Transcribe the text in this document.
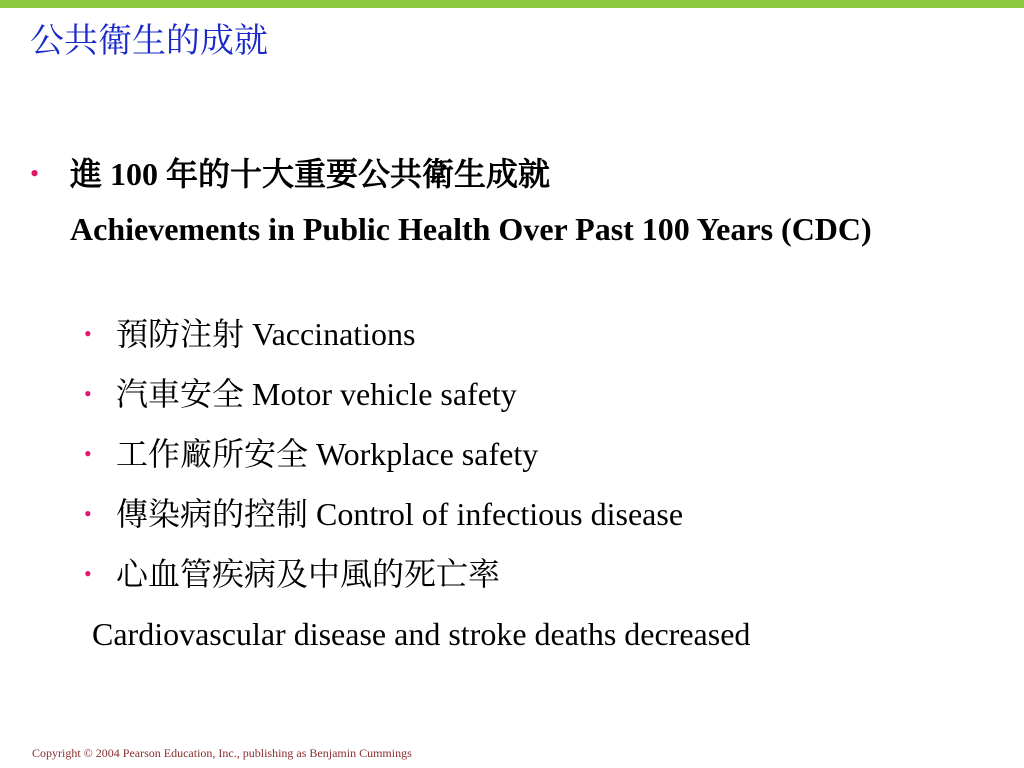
公共衛生的成就
• 進 100 年的十大重要公共衛生成就
Achievements in Public Health Over Past 100 Years (CDC)
• 預防注射 Vaccinations
• 汽車安全 Motor vehicle safety
• 工作廠所安全 Workplace safety
• 傳染病的控制 Control of infectious disease
• 心血管疾病及中風的死亡率
Cardiovascular disease and stroke deaths decreased
Copyright © 2004 Pearson Education, Inc., publishing as Benjamin Cummings
